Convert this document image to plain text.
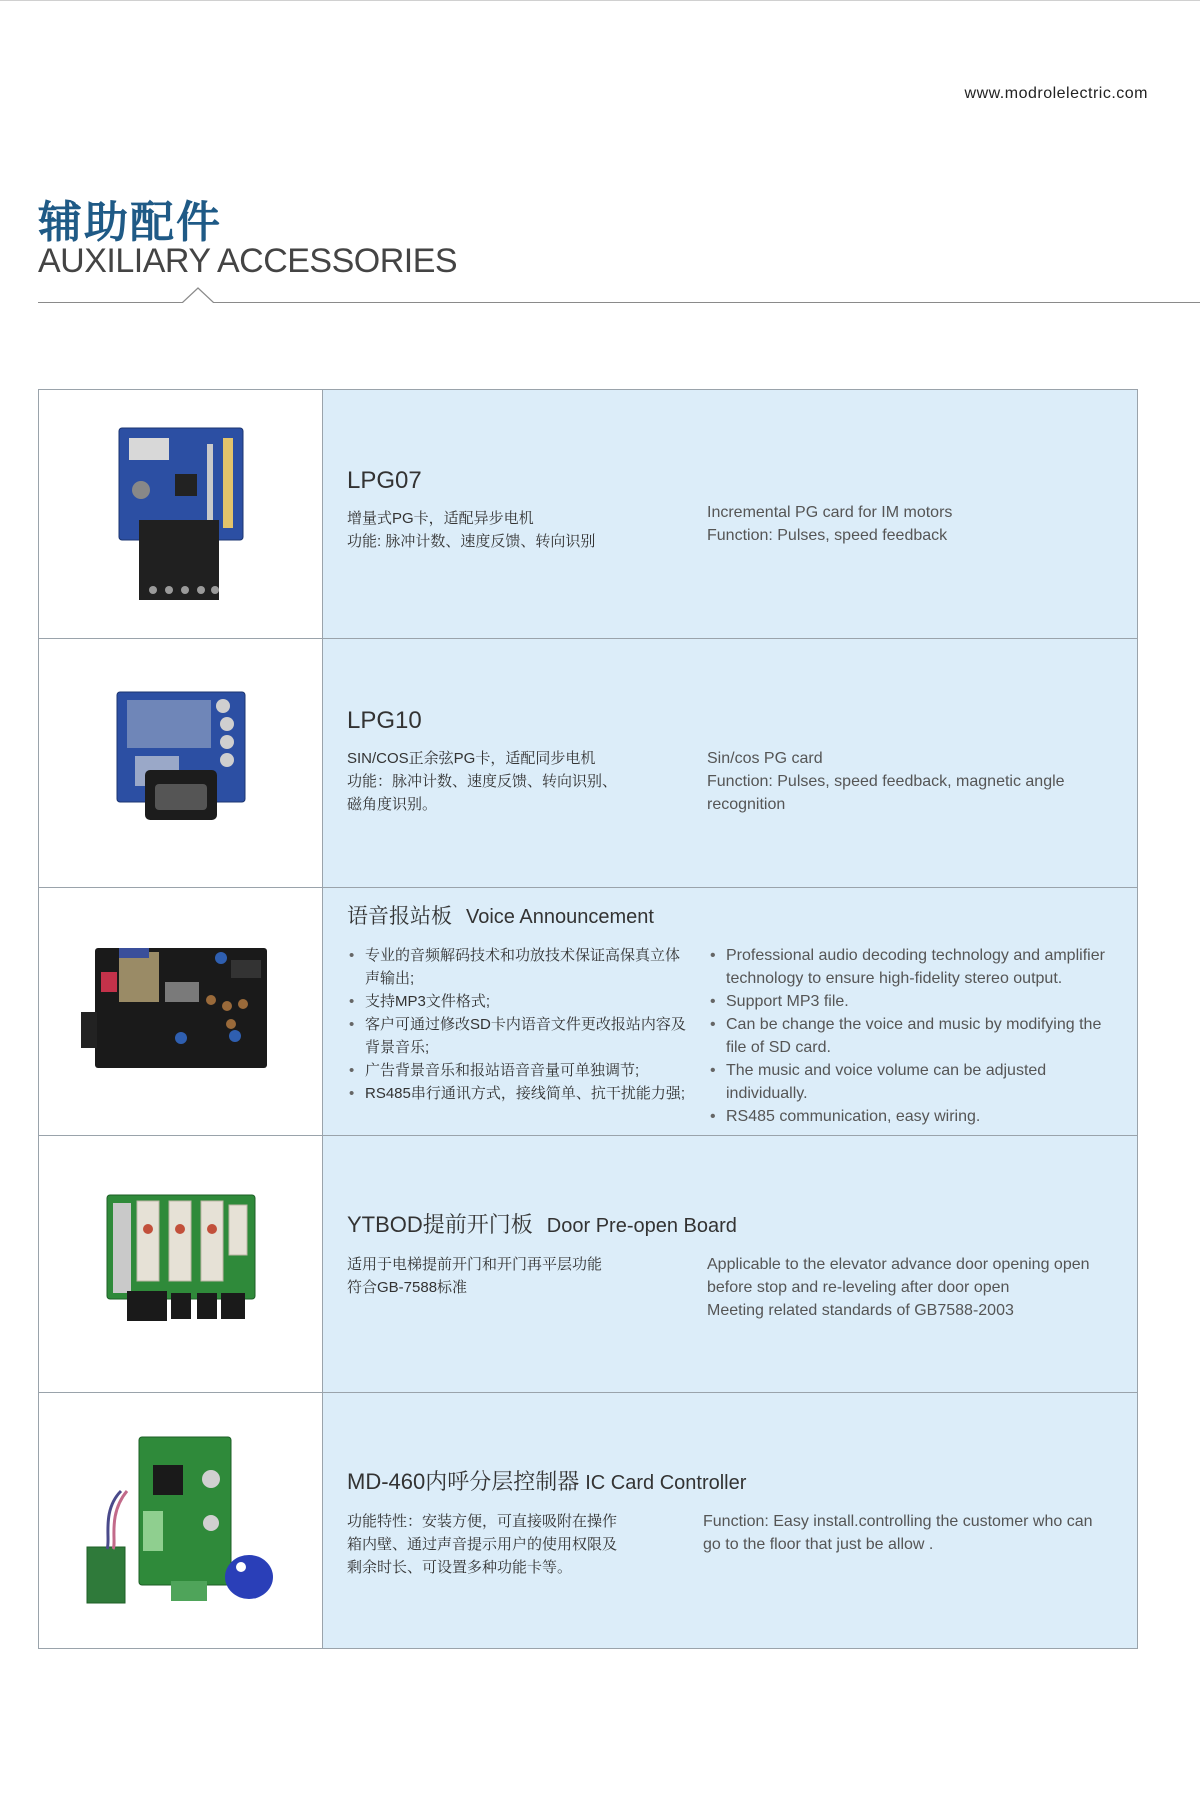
www.modrolelectric.com
辅助配件
AUXILIARY ACCESSORIES

LPG07

增量式PG卡，适配异步电机
功能: 脉冲计数、速度反馈、转向识别
Incremental PG card for IM motors
Function: Pulses, speed feedback

LPG10

SIN/COS正余弦PG卡，适配同步电机
功能：脉冲计数、速度反馈、转向识别、
磁角度识别。
Sin/cos PG card
Function: Pulses, speed feedback, magnetic angle
recognition

语音报站板 Voice Announcement

• 专业的音频解码技术和功放技术保证高保真立体声输出;
• 支持MP3文件格式;
• 客户可通过修改SD卡内语音文件更改报站内容及背景音乐;
• 广告背景音乐和报站语音音量可单独调节;
• RS485串行通讯方式，接线简单、抗干扰能力强;
• Professional audio decoding technology and amplifier technology to ensure high-fidelity stereo output.
• Support MP3 file.
• Can be change the voice and music by modifying the file of SD card.
• The music and voice volume can be adjusted individually.
• RS485 communication, easy wiring.

YTBOD提前开门板 Door Pre-open Board

适用于电梯提前开门和开门再平层功能
符合GB-7588标准
Applicable to the elevator advance door opening open
before stop and re-leveling after door open
Meeting related standards of GB7588-2003

MD-460内呼分层控制器 IC Card Controller

功能特性：安装方便，可直接吸附在操作
箱内壁、通过声音提示用户的使用权限及
剩余时长、可设置多种功能卡等。
Function: Easy install.controlling the customer who can
go to the floor that just be allow .
